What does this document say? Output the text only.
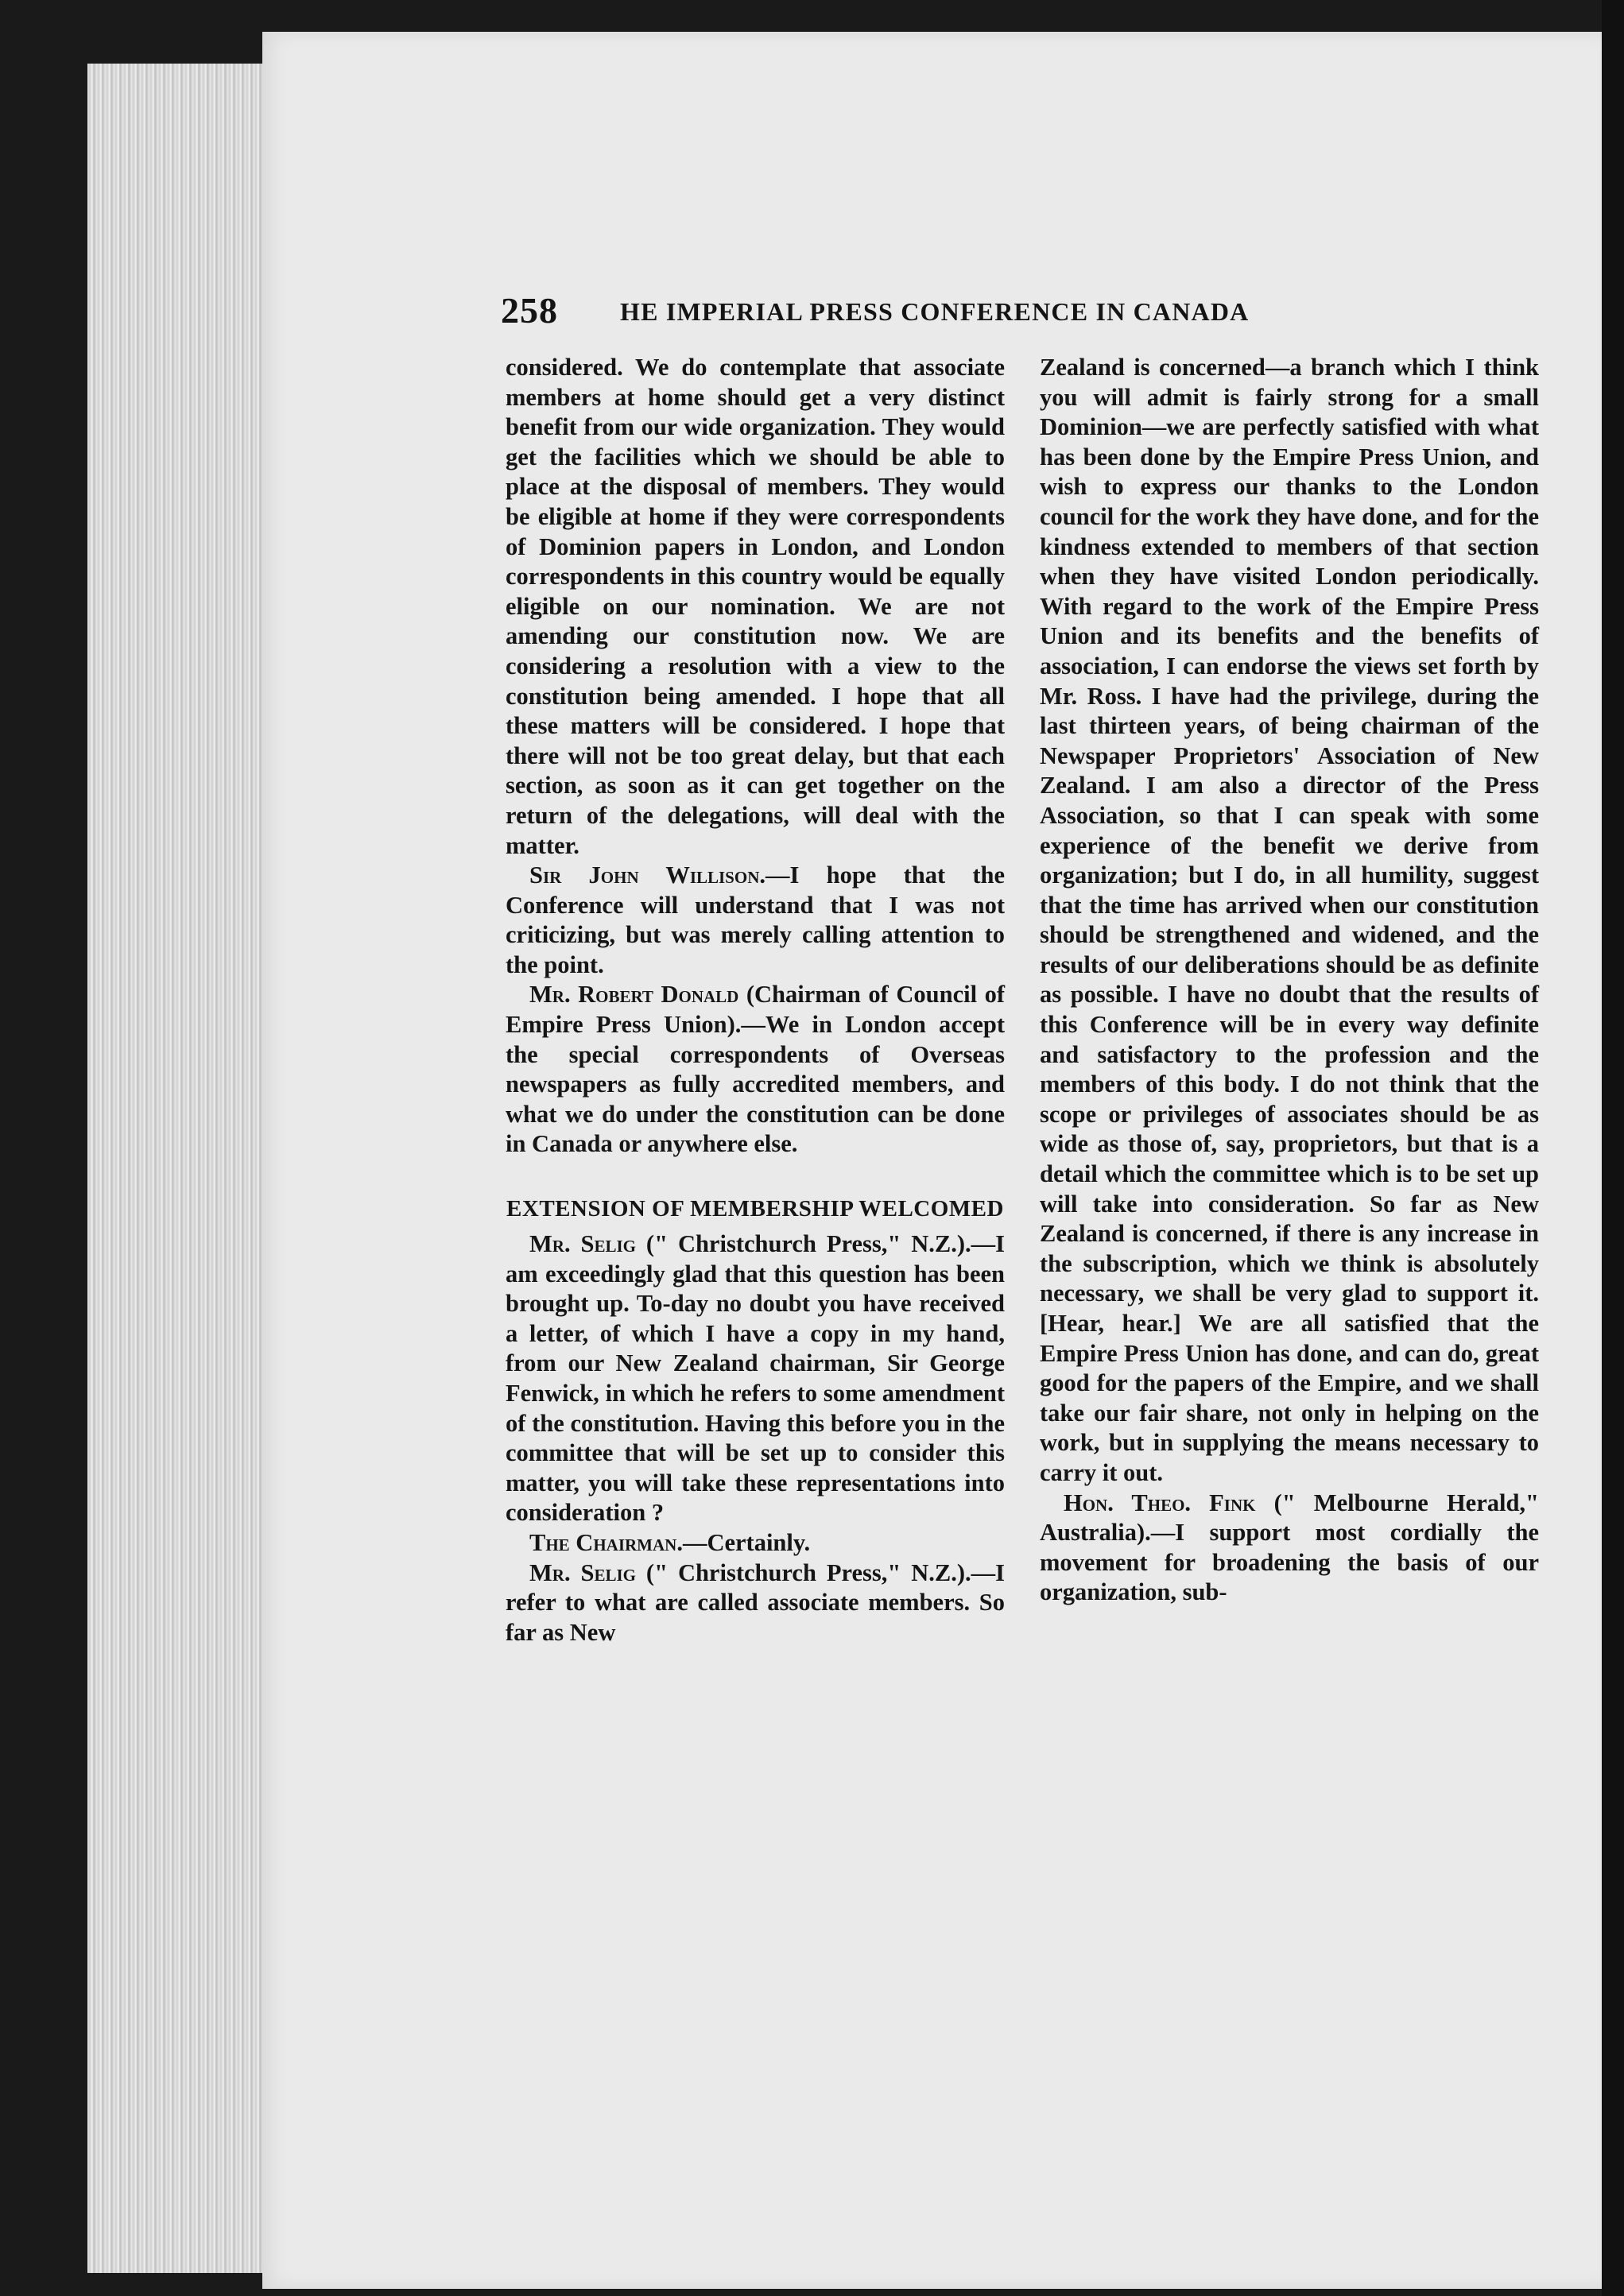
258 HE IMPERIAL PRESS CONFERENCE IN CANADA

considered. We do contemplate that associate members at home should get a very distinct benefit from our wide organization. They would get the facilities which we should be able to place at the disposal of members. They would be eligible at home if they were correspondents of Dominion papers in London, and London correspondents in this country would be equally eligible on our nomination. We are not amending our constitution now. We are considering a resolution with a view to the constitution being amended. I hope that all these matters will be considered. I hope that there will not be too great delay, but that each section, as soon as it can get together on the return of the delegations, will deal with the matter.

Sir John Willison.—I hope that the Conference will understand that I was not criticizing, but was merely calling attention to the point.

Mr. Robert Donald (Chairman of Council of Empire Press Union).—We in London accept the special correspondents of Overseas newspapers as fully accredited members, and what we do under the constitution can be done in Canada or anywhere else.

EXTENSION OF MEMBERSHIP WELCOMED

Mr. Selig (" Christchurch Press," N.Z.).—I am exceedingly glad that this question has been brought up. To-day no doubt you have received a letter, of which I have a copy in my hand, from our New Zealand chairman, Sir George Fenwick, in which he refers to some amendment of the constitution. Having this before you in the committee that will be set up to consider this matter, you will take these representations into consideration ?

The Chairman.—Certainly.

Mr. Selig (" Christchurch Press," N.Z.).—I refer to what are called associate members. So far as New

Zealand is concerned—a branch which I think you will admit is fairly strong for a small Dominion—we are perfectly satisfied with what has been done by the Empire Press Union, and wish to express our thanks to the London council for the work they have done, and for the kindness extended to members of that section when they have visited London periodically. With regard to the work of the Empire Press Union and its benefits and the benefits of association, I can endorse the views set forth by Mr. Ross. I have had the privilege, during the last thirteen years, of being chairman of the Newspaper Proprietors' Association of New Zealand. I am also a director of the Press Association, so that I can speak with some experience of the benefit we derive from organization; but I do, in all humility, suggest that the time has arrived when our constitution should be strengthened and widened, and the results of our deliberations should be as definite as possible. I have no doubt that the results of this Conference will be in every way definite and satisfactory to the profession and the members of this body. I do not think that the scope or privileges of associates should be as wide as those of, say, proprietors, but that is a detail which the committee which is to be set up will take into consideration. So far as New Zealand is concerned, if there is any increase in the subscription, which we think is absolutely necessary, we shall be very glad to support it. [Hear, hear.] We are all satisfied that the Empire Press Union has done, and can do, great good for the papers of the Empire, and we shall take our fair share, not only in helping on the work, but in supplying the means necessary to carry it out.

Hon. Theo. Fink (" Melbourne Herald," Australia).—I support most cordially the movement for broadening the basis of our organization, sub-
